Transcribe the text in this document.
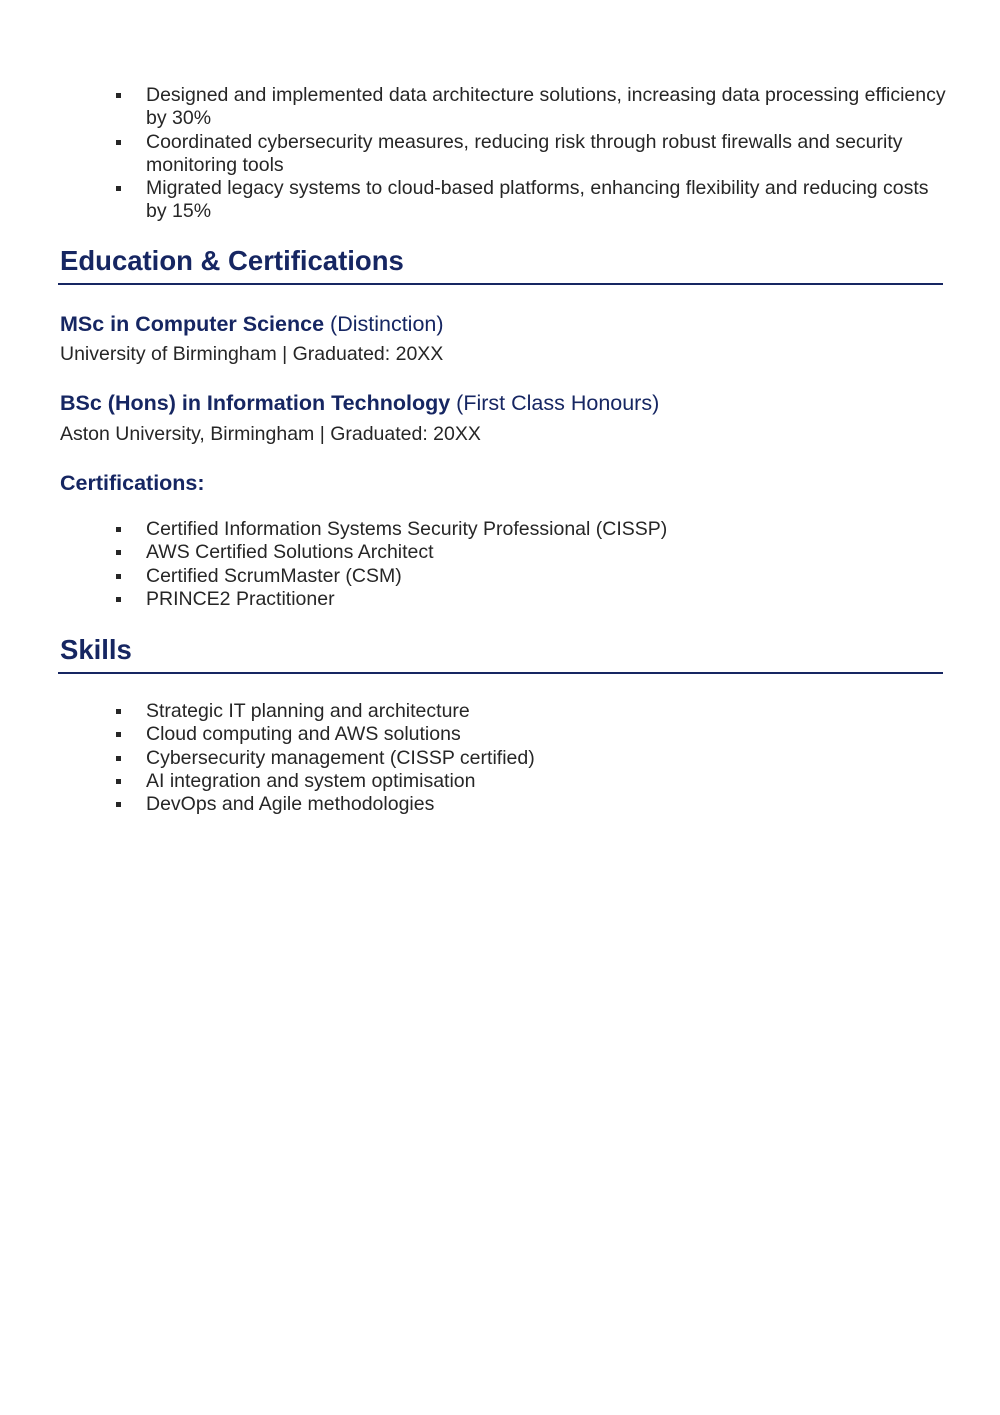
Designed and implemented data architecture solutions, increasing data processing efficiency by 30%
Coordinated cybersecurity measures, reducing risk through robust firewalls and security monitoring tools
Migrated legacy systems to cloud-based platforms, enhancing flexibility and reducing costs by 15%
Education & Certifications
MSc in Computer Science (Distinction)
University of Birmingham | Graduated: 20XX
BSc (Hons) in Information Technology (First Class Honours)
Aston University, Birmingham | Graduated: 20XX
Certifications:
Certified Information Systems Security Professional (CISSP)
AWS Certified Solutions Architect
Certified ScrumMaster (CSM)
PRINCE2 Practitioner
Skills
Strategic IT planning and architecture
Cloud computing and AWS solutions
Cybersecurity management (CISSP certified)
AI integration and system optimisation
DevOps and Agile methodologies
